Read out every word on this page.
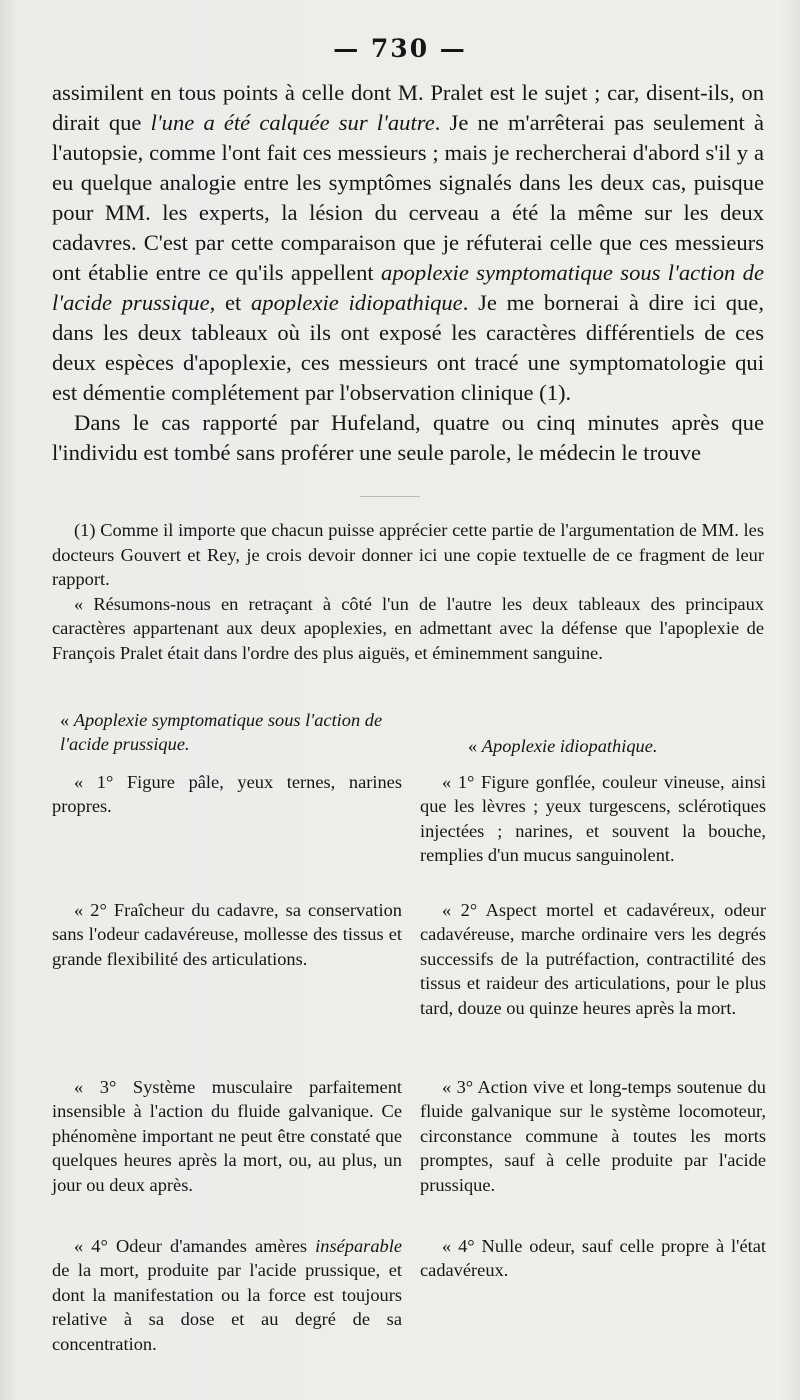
— 730 —

assimilent en tous points à celle dont M. Pralet est le sujet ; car, disent-ils, on dirait que l'une a été calquée sur l'autre. Je ne m'arrêterai pas seulement à l'autopsie, comme l'ont fait ces messieurs ; mais je rechercherai d'abord s'il y a eu quelque analogie entre les symptômes signalés dans les deux cas, puisque pour MM. les experts, la lésion du cerveau a été la même sur les deux cadavres. C'est par cette comparaison que je réfuterai celle que ces messieurs ont établie entre ce qu'ils appellent apoplexie symptomatique sous l'action de l'acide prussique, et apoplexie idiopathique. Je me bornerai à dire ici que, dans les deux tableaux où ils ont exposé les caractères différentiels de ces deux espèces d'apoplexie, ces messieurs ont tracé une symptomatologie qui est démentie complétement par l'observation clinique (1).

Dans le cas rapporté par Hufeland, quatre ou cinq minutes après que l'individu est tombé sans proférer une seule parole, le médecin le trouve

(1) Comme il importe que chacun puisse apprécier cette partie de l'argumentation de MM. les docteurs Gouvert et Rey, je crois devoir donner ici une copie textuelle de ce fragment de leur rapport.

« Résumons-nous en retraçant à côté l'un de l'autre les deux tableaux des principaux caractères appartenant aux deux apoplexies, en admettant avec la défense que l'apoplexie de François Pralet était dans l'ordre des plus aiguës, et éminemment sanguine.

« Apoplexie symptomatique sous l'action de l'acide prussique.

« 1° Figure pâle, yeux ternes, narines propres.

« 2° Fraîcheur du cadavre, sa conservation sans l'odeur cadavéreuse, mollesse des tissus et grande flexibilité des articulations.

« 3° Système musculaire parfaitement insensible à l'action du fluide galvanique. Ce phénomène important ne peut être constaté que quelques heures après la mort, ou, au plus, un jour ou deux après.

« 4° Odeur d'amandes amères inséparable de la mort, produite par l'acide prussique, et dont la manifestation ou la force est toujours relative à sa dose et au degré de sa concentration.

« Apoplexie idiopathique.

« 1° Figure gonflée, couleur vineuse, ainsi que les lèvres ; yeux turgescens, sclérotiques injectées ; narines, et souvent la bouche, remplies d'un mucus sanguinolent.

« 2° Aspect mortel et cadavéreux, odeur cadavéreuse, marche ordinaire vers les degrés successifs de la putréfaction, contractilité des tissus et raideur des articulations, pour le plus tard, douze ou quinze heures après la mort.

« 3° Action vive et long-temps soutenue du fluide galvanique sur le système locomoteur, circonstance commune à toutes les morts promptes, sauf à celle produite par l'acide prussique.

« 4° Nulle odeur, sauf celle propre à l'état cadavéreux.
